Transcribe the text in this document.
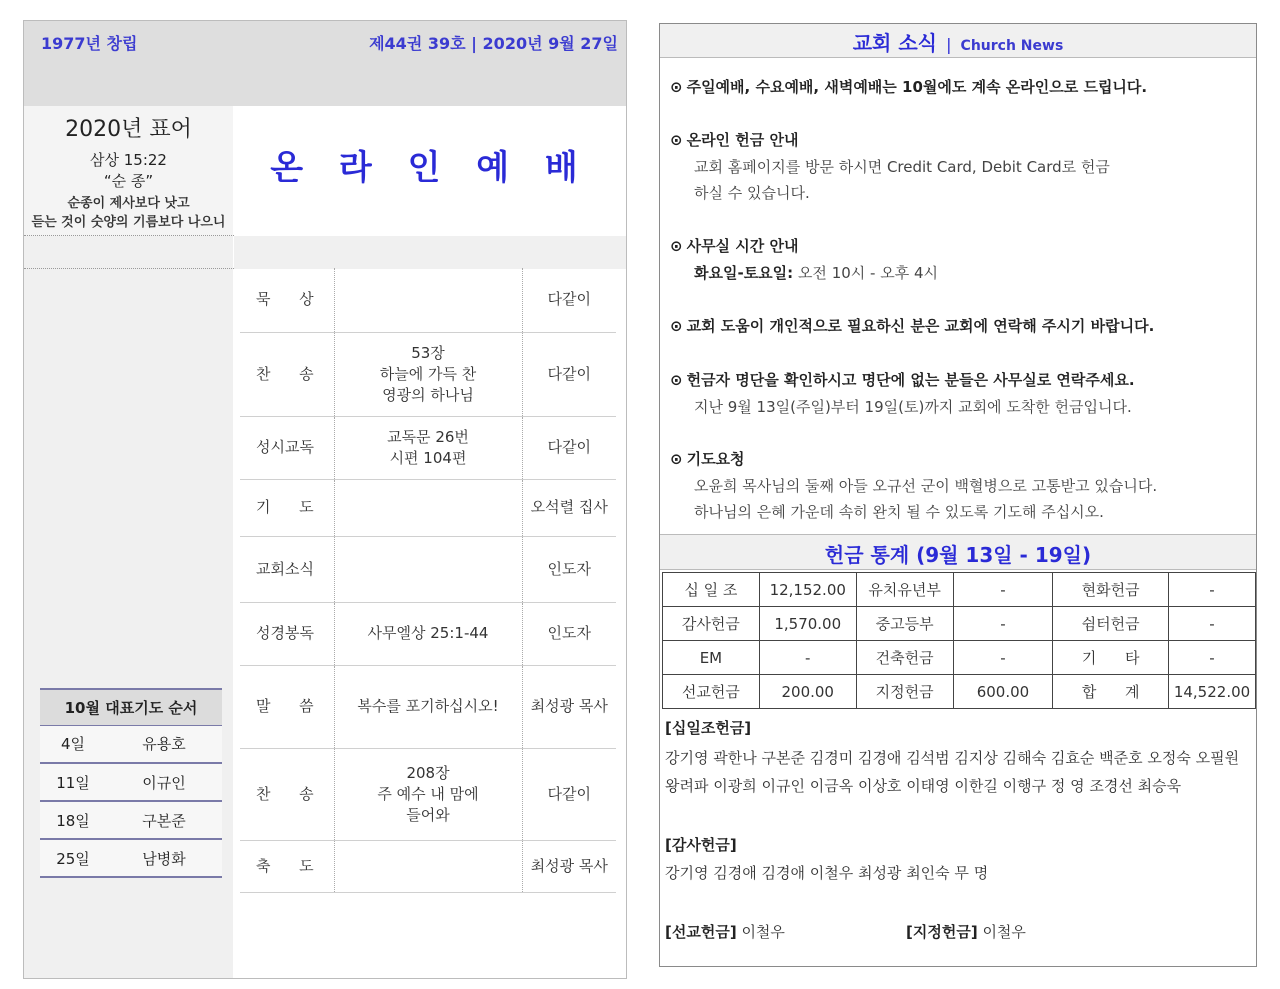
1977년 창립	제44권 39호 | 2020년 9월 27일
2020년 표어
삼상 15:22
“순 종”
순종이 제사보다 낫고
듣는 것이 숫양의 기름보다 나으니
온 라 인 예 배
묵      상		다같이
찬      송	53장
하늘에 가득 찬
영광의 하나님	다같이
성시교독	교독문 26번
시편 104편	다같이
기      도		오석렬 집사
교회소식		인도자
성경봉독	사무엘상 25:1-44	인도자
말      씀	복수를 포기하십시오!	최성광 목사
찬      송	208장
주 예수 내 맘에
들어와	다같이
축      도		최성광 목사
10월 대표기도 순서	
4일	유용호
11일	이규인
18일	구본준
25일	남병화
교회 소식 | Church News
⊙ 주일예배, 수요예배, 새벽예배는 10월에도 계속 온라인으로 드립니다.
⊙ 온라인 헌금 안내
교회 홈페이지를 방문 하시면 Credit Card, Debit Card로 헌금
하실 수 있습니다.
⊙ 사무실 시간 안내
화요일-토요일: 오전 10시 - 오후 4시
⊙ 교회 도움이 개인적으로 필요하신 분은 교회에 연락해 주시기 바랍니다.
⊙ 헌금자 명단을 확인하시고 명단에 없는 분들은 사무실로 연락주세요.
지난 9월 13일(주일)부터 19일(토)까지 교회에 도착한 헌금입니다.
⊙ 기도요청
오윤희 목사님의 둘째 아들 오규선 군이 백혈병으로 고통받고 있습니다.
하나님의 은혜 가운데 속히 완치 될 수 있도록 기도해 주십시오.
헌금 통계 (9월 13일 - 19일)
십 일 조	12,152.00	유치유년부	-	현화헌금	-
감사헌금	1,570.00	중고등부	-	쉼터헌금	-
EM	-	건축헌금	-	기      타	-
선교헌금	200.00	지정헌금	600.00	합      계	14,522.00
[십일조헌금]
강기영 곽한나 구본준 김경미 김경애 김석범 김지상 김해숙 김효순 백준호 오정숙 오필원
왕려파 이광희 이규인 이금옥 이상호 이태영 이한길 이행구 정 영 조경선 최승욱
[감사헌금]
강기영 김경애 김경애 이철우 최성광 최인숙 무 명
[선교헌금] 이철우	[지정헌금] 이철우
